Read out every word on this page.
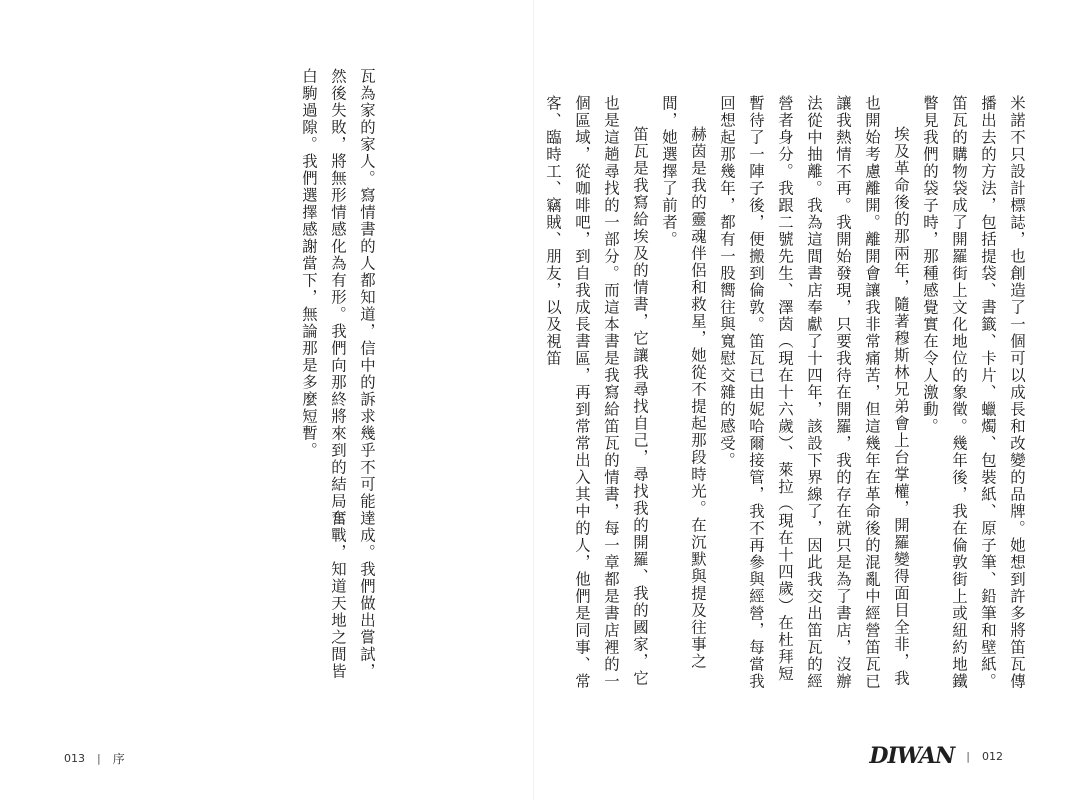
瓦為家的家人。寫情書的人都知道，信中的訴求幾乎不可能達成。我們做出嘗試，然後失敗，將無形情感化為有形。我們向那終將來到的結局奮戰，知道天地之間皆白駒過隙。我們選擇感謝當下，無論那是多麼短暫。

013 | 序

米諾不只設計標誌，也創造了一個可以成長和改變的品牌。她想到許多將笛瓦傳播出去的方法，包括提袋、書籤、卡片、蠟燭、包裝紙、原子筆、鉛筆和壁紙。笛瓦的購物袋成了開羅街上文化地位的象徵。幾年後，我在倫敦街上或紐約地鐵瞥見我們的袋子時，那種感覺實在令人激動。

埃及革命後的那兩年，隨著穆斯林兄弟會上台掌權，開羅變得面目全非，我也開始考慮離開。離開會讓我非常痛苦，但這幾年在革命後的混亂中經營笛瓦已讓我熱情不再。我開始發現，只要我待在開羅，我的存在就只是為了書店，沒辦法從中抽離。我為這間書店奉獻了十四年，該設下界線了，因此我交出笛瓦的經營者身分。我跟二號先生、澤茵（現在十六歲）、萊拉（現在十四歲）在杜拜短暫待了一陣子後，便搬到倫敦。笛瓦已由妮哈爾接管，我不再參與經營，每當我回想起那幾年，都有一股嚮往與寬慰交雜的感受。

赫茵是我的靈魂伴侶和救星，她從不提起那段時光。在沉默與提及往事之間，她選擇了前者。

笛瓦是我寫給埃及的情書，它讓我尋找自己，尋找我的開羅、我的國家，它也是這趟尋找的一部分。而這本書是我寫給笛瓦的情書，每一章都是書店裡的一個區域，從咖啡吧，到自我成長書區，再到常常出入其中的人，他們是同事、常客、臨時工、竊賊、朋友，以及視笛

DIWAN | 012
